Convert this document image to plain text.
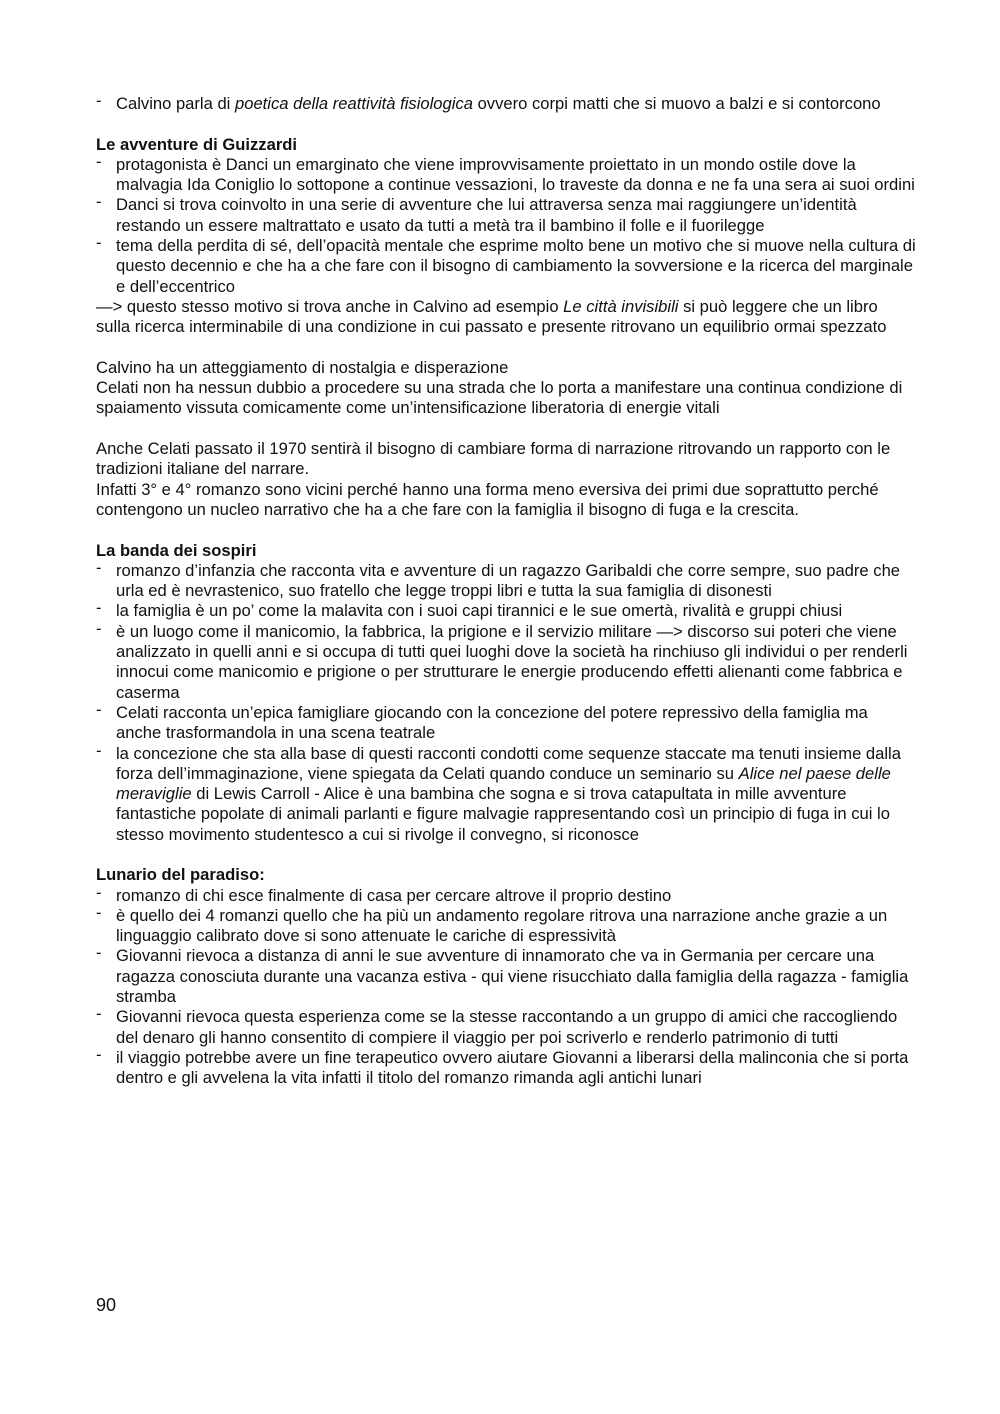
- Calvino parla di poetica della reattività fisiologica ovvero corpi matti che si muovo a balzi e si contorcono

Le avventure di Guizzardi

- protagonista è Danci un emarginato che viene improvvisamente proiettato in un mondo ostile dove la malvagia Ida Coniglio lo sottopone a continue vessazioni, lo traveste da donna e ne fa una sera ai suoi ordini
- Danci si trova coinvolto in una serie di avventure che lui attraversa senza mai raggiungere un’identità restando un essere maltrattato e usato da tutti a metà tra il bambino il folle e il fuorilegge
- tema della perdita di sé, dell’opacità mentale che esprime molto bene un motivo che si muove nella cultura di questo decennio e che ha a che fare con il bisogno di cambiamento la sovversione e la ricerca del marginale e dell’eccentrico

—> questo stesso motivo si trova anche in Calvino ad esempio Le città invisibili si può leggere che un libro sulla ricerca interminabile di una condizione in cui passato e presente ritrovano un equilibrio ormai spezzato

Calvino ha un atteggiamento di nostalgia e disperazione

Celati non ha nessun dubbio a procedere su una strada che lo porta a manifestare una continua condizione di spaiamento vissuta comicamente come un’intensificazione liberatoria di energie vitali

Anche Celati passato il 1970 sentirà il bisogno di cambiare forma di narrazione ritrovando un rapporto con le tradizioni italiane del narrare.

Infatti 3° e 4° romanzo sono vicini perché hanno una forma meno eversiva dei primi due soprattutto perché contengono un nucleo narrativo che ha a che fare con la famiglia il bisogno di fuga e la crescita.

La banda dei sospiri

- romanzo d’infanzia che racconta vita e avventure di un ragazzo Garibaldi che corre sempre, suo padre che urla ed è nevrastenico, suo fratello che legge troppi libri e tutta la sua famiglia di disonesti
- la famiglia è un po’ come la malavita con i suoi capi tirannici e le sue omertà, rivalità e gruppi chiusi
- è un luogo come il manicomio, la fabbrica, la prigione e il servizio militare —> discorso sui poteri che viene analizzato in quelli anni e si occupa di tutti quei luoghi dove la società ha rinchiuso gli individui o per renderli innocui come manicomio e prigione o per strutturare le energie producendo effetti alienanti come fabbrica e caserma
- Celati racconta un’epica famigliare giocando con la concezione del potere repressivo della famiglia ma anche trasformandola in una scena teatrale
- la concezione che sta alla base di questi racconti condotti come sequenze staccate ma tenuti insieme dalla forza dell’immaginazione, viene spiegata da Celati quando conduce un seminario su Alice nel paese delle meraviglie di Lewis Carroll - Alice è una bambina che sogna e si trova catapultata in mille avventure fantastiche popolate di animali parlanti e figure malvagie rappresentando così un principio di fuga in cui lo stesso movimento studentesco a cui si rivolge il convegno, si riconosce

Lunario del paradiso:

- romanzo di chi esce finalmente di casa per cercare altrove il proprio destino
- è quello dei 4 romanzi quello che ha più un andamento regolare ritrova una narrazione anche grazie a un linguaggio calibrato dove si sono attenuate le cariche di espressività
- Giovanni rievoca a distanza di anni le sue avventure di innamorato che va in Germania per cercare una ragazza conosciuta durante una vacanza estiva - qui viene risucchiato dalla famiglia della ragazza - famiglia stramba
- Giovanni rievoca questa esperienza come se la stesse raccontando a un gruppo di amici che raccogliendo del denaro gli hanno consentito di compiere il viaggio per poi scriverlo e renderlo patrimonio di tutti
- il viaggio potrebbe avere un fine terapeutico ovvero aiutare Giovanni a liberarsi della malinconia che si porta dentro e gli avvelena la vita infatti il titolo del romanzo rimanda agli antichi lunari
90
